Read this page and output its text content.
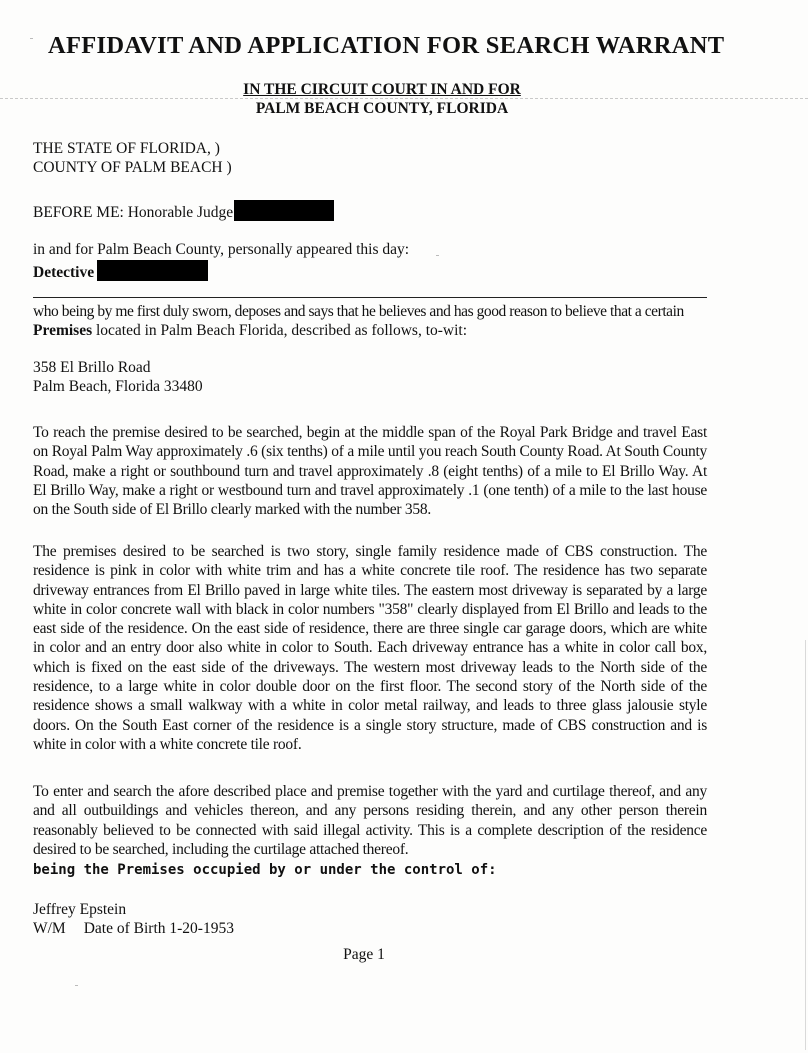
AFFIDAVIT AND APPLICATION FOR SEARCH WARRANT
IN THE CIRCUIT COURT IN AND FOR
PALM BEACH COUNTY, FLORIDA
THE STATE OF FLORIDA, )
COUNTY OF PALM BEACH )
BEFORE ME: Honorable Judge
in and for Palm Beach County, personally appeared this day:
Detective
who being by me first duly sworn, deposes and says that he believes and has good reason to believe that a certain
Premises located in Palm Beach Florida, described as follows, to-wit:
358 El Brillo Road
Palm Beach, Florida 33480
To reach the premise desired to be searched, begin at the middle span of the Royal Park Bridge and travel East on Royal Palm Way approximately .6 (six tenths) of a mile until you reach South County Road. At South County Road, make a right or southbound turn and travel approximately .8 (eight tenths) of a mile to El Brillo Way. At El Brillo Way, make a right or westbound turn and travel approximately .1 (one tenth) of a mile to the last house on the South side of El Brillo clearly marked with the number 358.
The premises desired to be searched is two story, single family residence made of CBS construction. The residence is pink in color with white trim and has a white concrete tile roof. The residence has two separate driveway entrances from El Brillo paved in large white tiles. The eastern most driveway is separated by a large white in color concrete wall with black in color numbers "358" clearly displayed from El Brillo and leads to the east side of the residence. On the east side of residence, there are three single car garage doors, which are white in color and an entry door also white in color to South. Each driveway entrance has a white in color call box, which is fixed on the east side of the driveways. The western most driveway leads to the North side of the residence, to a large white in color double door on the first floor. The second story of the North side of the residence shows a small walkway with a white in color metal railway, and leads to three glass jalousie style doors. On the South East corner of the residence is a single story structure, made of CBS construction and is white in color with a white concrete tile roof.
To enter and search the afore described place and premise together with the yard and curtilage thereof, and any and all outbuildings and vehicles thereon, and any persons residing therein, and any other person therein reasonably believed to be connected with said illegal activity. This is a complete description of the residence desired to be searched, including the curtilage attached thereof.
being the Premises occupied by or under the control of:
Jeffrey Epstein
W/M Date of Birth 1-20-1953
Page 1
